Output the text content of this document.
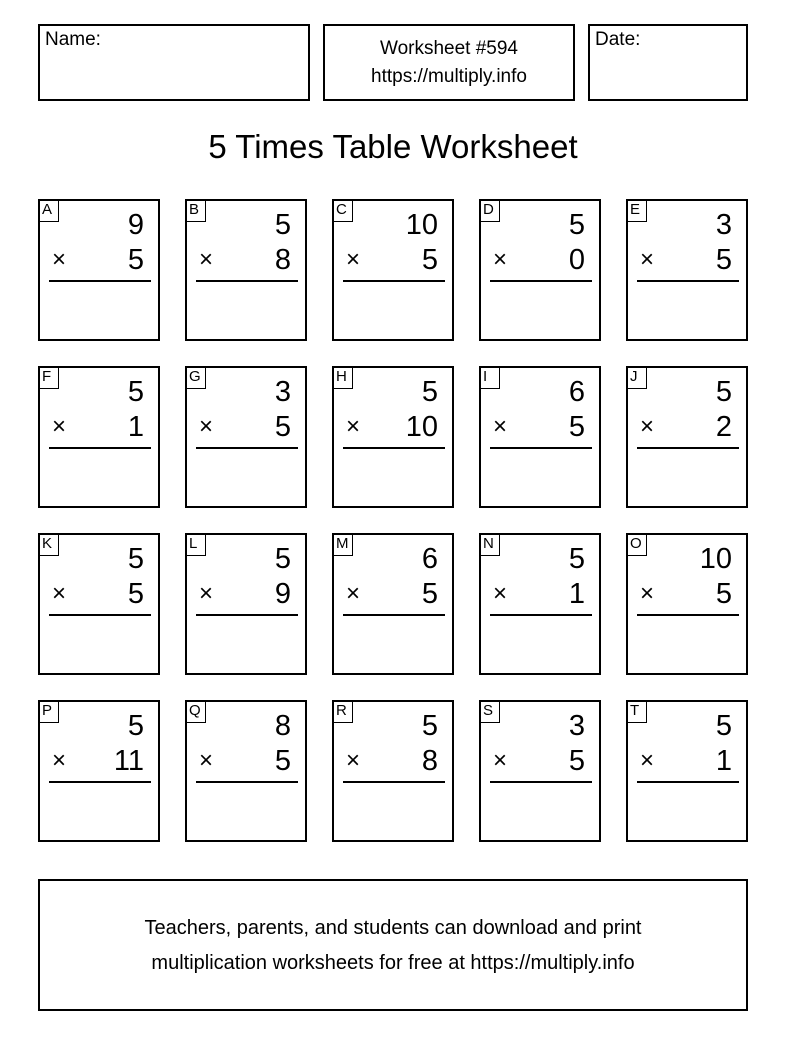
Name:	Worksheet #594
https://multiply.info
Date:
5 Times Table Worksheet
A	9
× 5
B	5
× 8
C 10
× 5
D	5
× 0
E	3
× 5
F	5
× 1
G	3
× 5
H	5
× 10
I	6
× 5
J	5
× 2
K	5
× 5
L	5
× 9
M	6
× 5
N	5
× 1
O 10
× 5
P	5
× 11
Q	8
× 5
R	5
× 8
S	3
× 5
T	5
× 1
Teachers, parents, and students can download and print
multiplication worksheets for free at https://multiply.info
